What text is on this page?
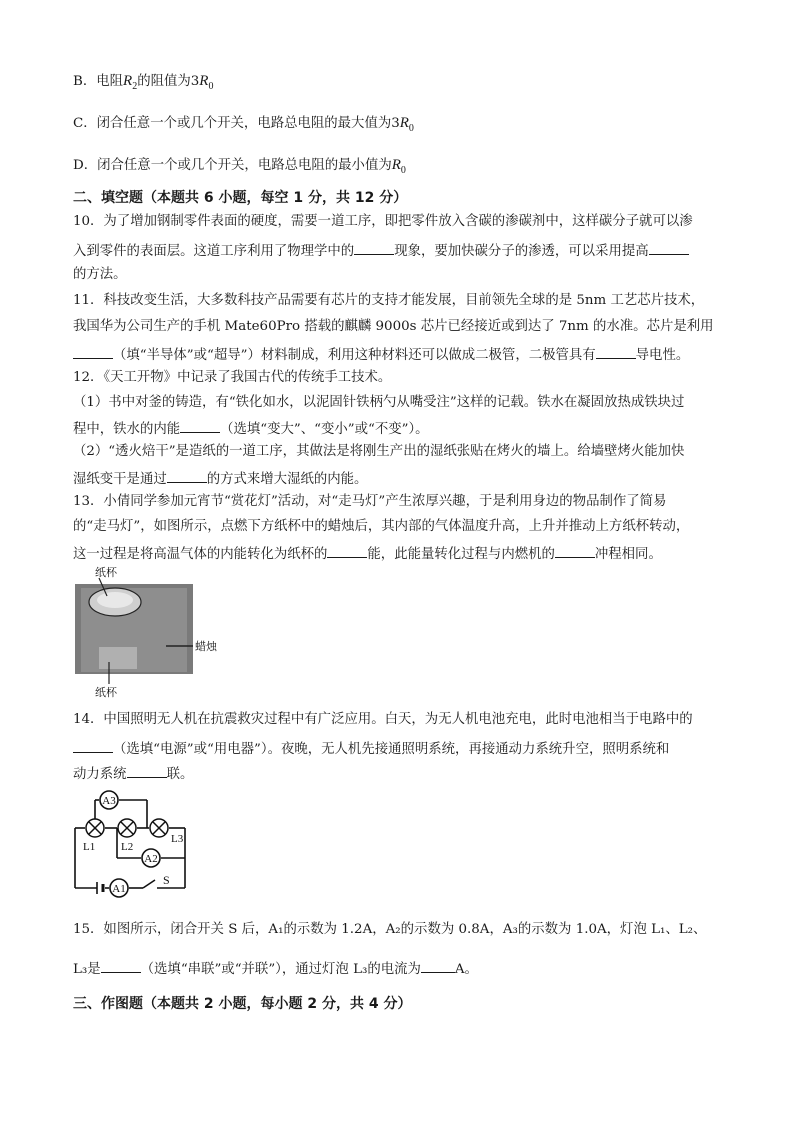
B．电阻$R_2$的阻值为$3R_0$
C．闭合任意一个或几个开关，电路总电阻的最大值为$3R_0$
D．闭合任意一个或几个开关，电路总电阻的最小值为$R_0$
二、填空题（本题共 6 小题，每空 1 分，共 12 分）
10．为了增加钢制零件表面的硬度，需要一道工序，即把零件放入含碳的渗碳剂中，这样碳分子就可以渗
入到零件的表面层。这道工序利用了物理学中的	现象，要加快碳分子的渗透，可以采用提高
的方法。
11．科技改变生活，大多数科技产品需要有芯片的支持才能发展，目前领先全球的是 5nm 工艺芯片技术，
我国华为公司生产的手机 Mate60Pro 搭载的麒麟 9000s 芯片已经接近或到达了 7nm 的水准。芯片是利用
（填“半导体”或“超导”）材料制成，利用这种材料还可以做成二极管，二极管具有	导电性。
12．《天工开物》中记录了我国古代的传统手工技术。
（1）书中对釜的铸造，有“铁化如水，以泥固针铁柄勺从嘴受注”这样的记载。铁水在凝固放热成铁块过
程中，铁水的内能	（选填“变大”、“变小”或“不变”）。
（2）“透火焙干”是造纸的一道工序，其做法是将刚生产出的湿纸张贴在烤火的墙上。给墙壁烤火能加快
湿纸变干是通过	的方式来增大湿纸的内能。
13．小倩同学参加元宵节“赏花灯”活动，对“走马灯”产生浓厚兴趣，于是利用身边的物品制作了简易
的“走马灯”，如图所示，点燃下方纸杯中的蜡烛后，其内部的气体温度升高，上升并推动上方纸杯转动，
这一过程是将高温气体的内能转化为纸杯的	能，此能量转化过程与内燃机的	冲程相同。
纸杯
蜡烛
纸杯
14．中国照明无人机在抗震救灾过程中有广泛应用。白天，为无人机电池充电，此时电池相当于电路中的
（选填“电源”或“用电器”）。夜晚，无人机先接通照明系统，再接通动力系统升空，照明系统和
动力系统	联。
A3
A2
A1
L1 L2
L3
S
15．如图所示，闭合开关 S 后，A₁的示数为 1.2A，A₂的示数为 0.8A，A₃的示数为 1.0A，灯泡 L₁、L₂、
L₃是	（选填“串联”或“并联”），通过灯泡 L₃的电流为	A。
三、作图题（本题共 2 小题，每小题 2 分，共 4 分）
